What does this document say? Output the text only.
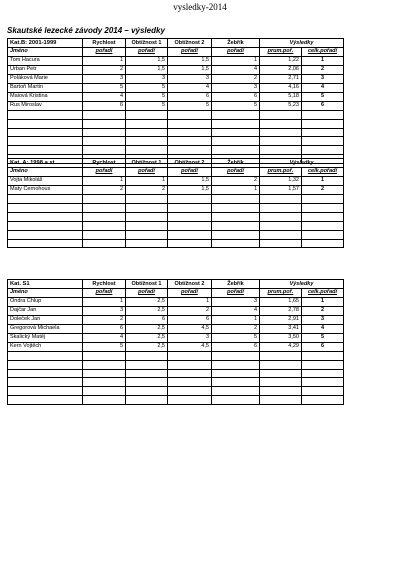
vysledky-2014
Skautské lezecké závody 2014 – výsledky
Kat.B: 2001-1999	Rychlost	Obtížnost 1	Obtížnost 2	Žebřík	Výsledky	
Jméno	pořadí	pořadí	pořadí	pořadí	prum.poř.	celk.pořadí
Tom Hacura	1	1,5	1,5	1	1,22	1
Urban Petr	2	1,5	1,5	4	2,06	2
Poláková Marie	3	3	3	2	2,71	3
Bartoň Martin	5	5	4	3	4,16	4
Maiová Kristina	4	5	6	6	5,18	5
Rus Miroslav	6	5	5	5	5,23	6

Kat. A: 1998 a st.	Rychlost	Obtížnost 1	Obtížnost 2	Žebřík	Výsledky	
Jméno	pořadí	pořadí	pořadí	pořadí	prum.poř.	celk.pořadí
Vojta Mikoláš	1	1	1,5	2	1,32	1
Maty Černohous	2	2	1,5	1	1,57	2

Kat. S1	Rychlost	Obtížnost 1	Obtížnost 2	Žebřík	Výsledky	
Jméno	pořadí	pořadí	pořadí	pořadí	prum.poř.	celk.pořadí
Ondra Chlup	1	2,5	1	3	1,65	1
Dajčar Jan	3	2,5	2	4	2,78	2
Doleček Jan	2	6	6	1	2,91	3
Gregorová Michaela	6	2,5	4,5	2	3,41	4
Skalický Matěj	4	2,5	3	5	3,50	5
Kern Vojtěch	5	2,5	4,5	6	4,29	6
